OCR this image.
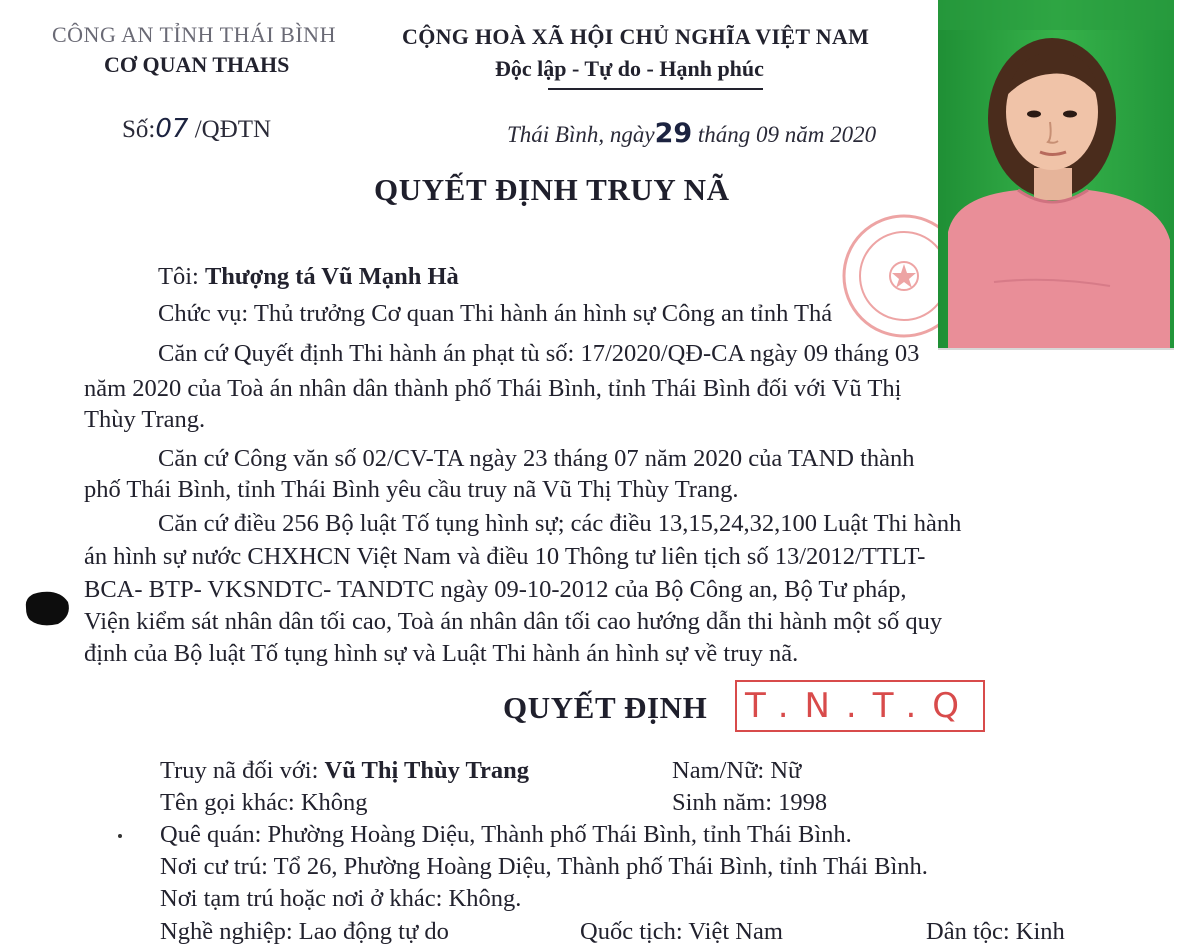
CÔNG AN TỈNH THÁI BÌNH
CƠ QUAN THAHS
CỘNG HOÀ XÃ HỘI CHỦ NGHĨA VIỆT NAM
Độc lập - Tự do - Hạnh phúc
Số:07 /QĐTN	Thái Bình, ngày29 tháng 09 năm 2020
QUYẾT ĐỊNH TRUY NÃ
Tôi: Thượng tá Vũ Mạnh Hà
Chức vụ: Thủ trưởng Cơ quan Thi hành án hình sự Công an tỉnh Thá
Căn cứ Quyết định Thi hành án phạt tù số: 17/2020/QĐ-CA ngày 09 tháng 03
năm 2020 của Toà án nhân dân thành phố Thái Bình, tỉnh Thái Bình đối với Vũ Thị
Thùy Trang.
Căn cứ Công văn số 02/CV-TA ngày 23 tháng 07 năm 2020 của TAND thành
phố Thái Bình, tỉnh Thái Bình yêu cầu truy nã Vũ Thị Thùy Trang.
Căn cứ điều 256 Bộ luật Tố tụng hình sự; các điều 13,15,24,32,100 Luật Thi hành
án hình sự nước CHXHCN Việt Nam và điều 10 Thông tư liên tịch số 13/2012/TTLT-
BCA- BTP- VKSNDTC- TANDTC ngày 09-10-2012 của Bộ Công an, Bộ Tư pháp,
Viện kiểm sát nhân dân tối cao, Toà án nhân dân tối cao hướng dẫn thi hành một số quy
định của Bộ luật Tố tụng hình sự và Luật Thi hành án hình sự về truy nã.
QUYẾT ĐỊNH T.N.T.Q
Truy nã đối với: Vũ Thị Thùy Trang	Nam/Nữ: Nữ
Tên gọi khác: Không	Sinh năm: 1998
Quê quán: Phường Hoàng Diệu, Thành phố Thái Bình, tỉnh Thái Bình.
Nơi cư trú: Tổ 26, Phường Hoàng Diệu, Thành phố Thái Bình, tỉnh Thái Bình.
Nơi tạm trú hoặc nơi ở khác: Không.
Nghề nghiệp: Lao động tự do	Quốc tịch: Việt Nam	Dân tộc: Kinh
